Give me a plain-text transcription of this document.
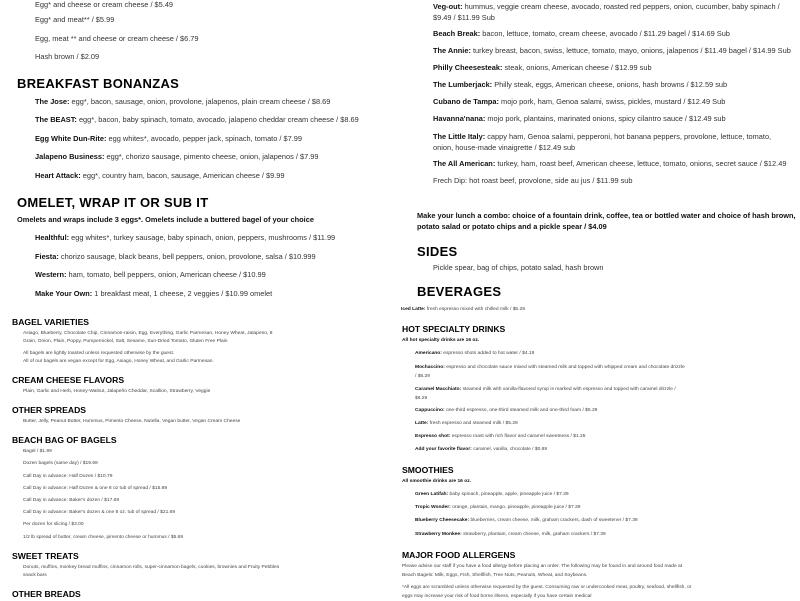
Egg* and cheese or cream cheese / $5.49
Egg* and meat** / $5.99
Egg, meat ** and cheese or cream cheese / $6.79
Hash brown / $2.09
BREAKFAST BONANZAS
The Jose: egg*, bacon, sausage, onion, provolone, jalapenos, plain cream cheese / $8.69
The BEAST: egg*, bacon, baby spinach, tomato, avocado, jalapeno cheddar cream cheese / $8.69
Egg White Dun-Rite: egg whites*, avocado, pepper jack, spinach, tomato / $7.99
Jalapeno Business: egg*, chorizo sausage, pimento cheese, onion, jalapenos / $7.99
Heart Attack: egg*, country ham, bacon, sausage, American cheese / $9.99
OMELET, WRAP IT OR SUB IT
Omelets and wraps include 3 eggs*. Omelets include a buttered bagel of your choice
Healthful: egg whites*, turkey sausage, baby spinach, onion, peppers, mushrooms / $11.99
Fiesta: chorizo sausage, black beans, bell peppers, onion, provolone, salsa / $10.999
Western: ham, tomato, bell peppers, onion, American cheese / $10.99
Make Your Own: 1 breakfast meat, 1 cheese, 2 veggies / $10.99 omelet
BAGEL VARIETIES
Asiago, Blueberry, Chocolate Chip, Cinnamon-raisin, Egg, Everything, Garlic Parmesan, Honey Wheat, Jalapeno, 8 Grain, Onion, Plain, Poppy, Pumpernickel, Salt, Sesame, Sun-Dried Tomato, Gluten Free Plain
All bagels are lightly toasted unless requested otherwise by the guest.
All of our bagels are vegan except for Egg, Asiago, Honey Wheat, and Garlic Parmesan.
CREAM CHEESE FLAVORS
Plain, Garlic and Herb, Honey-Walnut, Jalapeño Cheddar, Scallion, Strawberry, Veggie
OTHER SPREADS
Butter, Jelly, Peanut Butter, Hummus, Pimento Cheese, Nutella, Vegan butter, Vegan Cream Cheese
BEACH BAG OF BAGELS
Bagel / $1.99
Dozen bagels (same day) / $19.69
Call Day in advance: Half Dozen / $10.79
Call Day in advance: Half Dozen & one 8 oz tub of spread / $15.89
Call Day in advance: Baker's dozen / $17.69
Call Day in advance: Baker's dozen & one 8 oz. tub of spread / $21.69
Per dozen for slicing / $3.00
1/2 lb spread of butter, cream cheese, pimento cheese or hummus / $5.69
SWEET TREATS
Donuts, muffins, monkey bread muffins, cinnamon rolls, super-cinnamon bagels, cookies, brownies and Fruity Pebbles snack bars
OTHER BREADS
Veg-out: hummus, veggie cream cheese, avocado, roasted red peppers, onion, cucumber, baby spinach / $9.49 / $11.99 Sub
Beach Break: bacon, lettuce, tomato, cream cheese, avocado / $11.29 bagel / $14.69 Sub
The Annie: turkey breast, bacon, swiss, lettuce, tomato, mayo, onions, jalapenos / $11.49 bagel / $14.99 Sub
Philly Cheesesteak: steak, onions, American cheese / $12.99 sub
The Lumberjack: Philly steak, eggs, American cheese, onions, hash browns / $12.59 sub
Cubano de Tampa: mojo pork, ham, Genoa salami, swiss, pickles, mustard / $12.49 Sub
Havanna'nana: mojo pork, plantains, marinated onions, spicy cilantro sauce / $12.49 sub
The Little Italy: cappy ham, Genoa salami, pepperoni, hot banana peppers, provolone, lettuce, tomato, onion, house-made vinaigrette / $12.49 sub
The All American: turkey, ham, roast beef, American cheese, lettuce, tomato, onions, secret sauce / $12.49
Frech Dip: hot roast beef, provolone, side au jus / $11.99 sub
Make your lunch a combo: choice of a fountain drink, coffee, tea or bottled water and choice of hash brown, potato salad or potato chips and a pickle spear / $4.09
SIDES
Pickle spear, bag of chips, potato salad, hash brown
BEVERAGES
Iced Latte: fresh espresso mixed with chilled milk / $5.29
HOT SPECIALTY DRINKS
All hot specialty drinks are 16 oz.
Americano: espresso shots added to hot water / $4.19
Mochaccino: espresso and chocolate sauce mixed with steamed milk and topped with whipped cream and chocolate drizzle / $6.29
Caramel Macchiato: steamed milk with vanilla-flavored syrup is marked with espresso and topped with caramel drizzle / $6.29
Cappuccino: one-third espresso, one-third steamed milk and one-third foam / $5.29
Latte: fresh espresso and steamed milk / $5.29
Espresso shot: espresso roast with rich flavor and caramel sweetness / $1.25
Add your favorite flavor: caramel, vanilla, chocolate / $0.89
SMOOTHIES
All smoothie drinks are 16 oz.
Green Latifah: baby spinach, pineapple, apple, pineapple juice / $7.39
Tropic Wonder: orange, plantain, mango, pineapple, pineapple juice / $7.39
Blueberry Cheesecake: blueberries, cream cheese, milk, graham crackers, dash of sweetener / $7.39
Strawberry Monkee: strawberry, plantain, cream cheese, milk, graham crackers / $7.39
MAJOR FOOD ALLERGENS
Please advise our staff if you have a food allergy before placing an order. The following may be found in and around food made at Beach Bagels: Milk, Eggs, Fish, Shellfish, Tree Nuts, Peanuts, Wheat, and Soybeans.
*All eggs are scrambled unless otherwise requested by the guest. Consuming raw or undercooked meat, poultry, seafood, shellfish, or eggs may increase your risk of food borne illness, especially if you have certain medical
